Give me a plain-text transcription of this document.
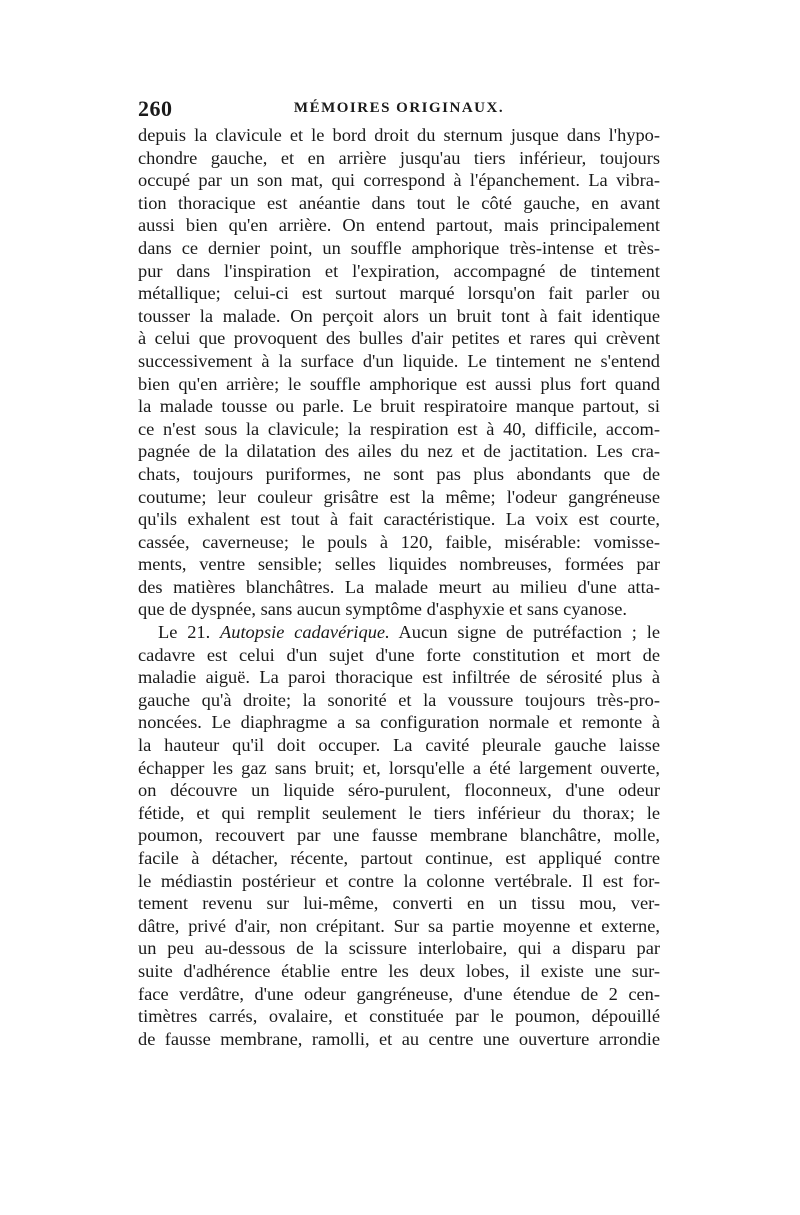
260	MÉMOIRES ORIGINAUX.
depuis la clavicule et le bord droit du sternum jusque dans l'hypo-
chondre gauche, et en arrière jusqu'au tiers inférieur, toujours
occupé par un son mat, qui correspond à l'épanchement. La vibra-
tion thoracique est anéantie dans tout le côté gauche, en avant
aussi bien qu'en arrière. On entend partout, mais principalement
dans ce dernier point, un souffle amphorique très-intense et très-
pur dans l'inspiration et l'expiration, accompagné de tintement
métallique; celui-ci est surtout marqué lorsqu'on fait parler ou
tousser la malade. On perçoit alors un bruit tont à fait identique
à celui que provoquent des bulles d'air petites et rares qui crèvent
successivement à la surface d'un liquide. Le tintement ne s'entend
bien qu'en arrière; le souffle amphorique est aussi plus fort quand
la malade tousse ou parle. Le bruit respiratoire manque partout, si
ce n'est sous la clavicule; la respiration est à 40, difficile, accom-
pagnée de la dilatation des ailes du nez et de jactitation. Les cra-
chats, toujours puriformes, ne sont pas plus abondants que de
coutume; leur couleur grisâtre est la même; l'odeur gangréneuse
qu'ils exhalent est tout à fait caractéristique. La voix est courte,
cassée, caverneuse; le pouls à 120, faible, misérable: vomisse-
ments, ventre sensible; selles liquides nombreuses, formées par
des matières blanchâtres. La malade meurt au milieu d'une atta-
que de dyspnée, sans aucun symptôme d'asphyxie et sans cyanose.
Le 21. Autopsie cadavérique. Aucun signe de putréfaction ; le
cadavre est celui d'un sujet d'une forte constitution et mort de
maladie aiguë. La paroi thoracique est infiltrée de sérosité plus à
gauche qu'à droite; la sonorité et la voussure toujours très-pro-
noncées. Le diaphragme a sa configuration normale et remonte à
la hauteur qu'il doit occuper. La cavité pleurale gauche laisse
échapper les gaz sans bruit; et, lorsqu'elle a été largement ouverte,
on découvre un liquide séro-purulent, floconneux, d'une odeur
fétide, et qui remplit seulement le tiers inférieur du thorax; le
poumon, recouvert par une fausse membrane blanchâtre, molle,
facile à détacher, récente, partout continue, est appliqué contre
le médiastin postérieur et contre la colonne vertébrale. Il est for-
tement revenu sur lui-même, converti en un tissu mou, ver-
dâtre, privé d'air, non crépitant. Sur sa partie moyenne et externe,
un peu au-dessous de la scissure interlobaire, qui a disparu par
suite d'adhérence établie entre les deux lobes, il existe une sur-
face verdâtre, d'une odeur gangréneuse, d'une étendue de 2 cen-
timètres carrés, ovalaire, et constituée par le poumon, dépouillé
de fausse membrane, ramolli, et au centre une ouverture arrondie
